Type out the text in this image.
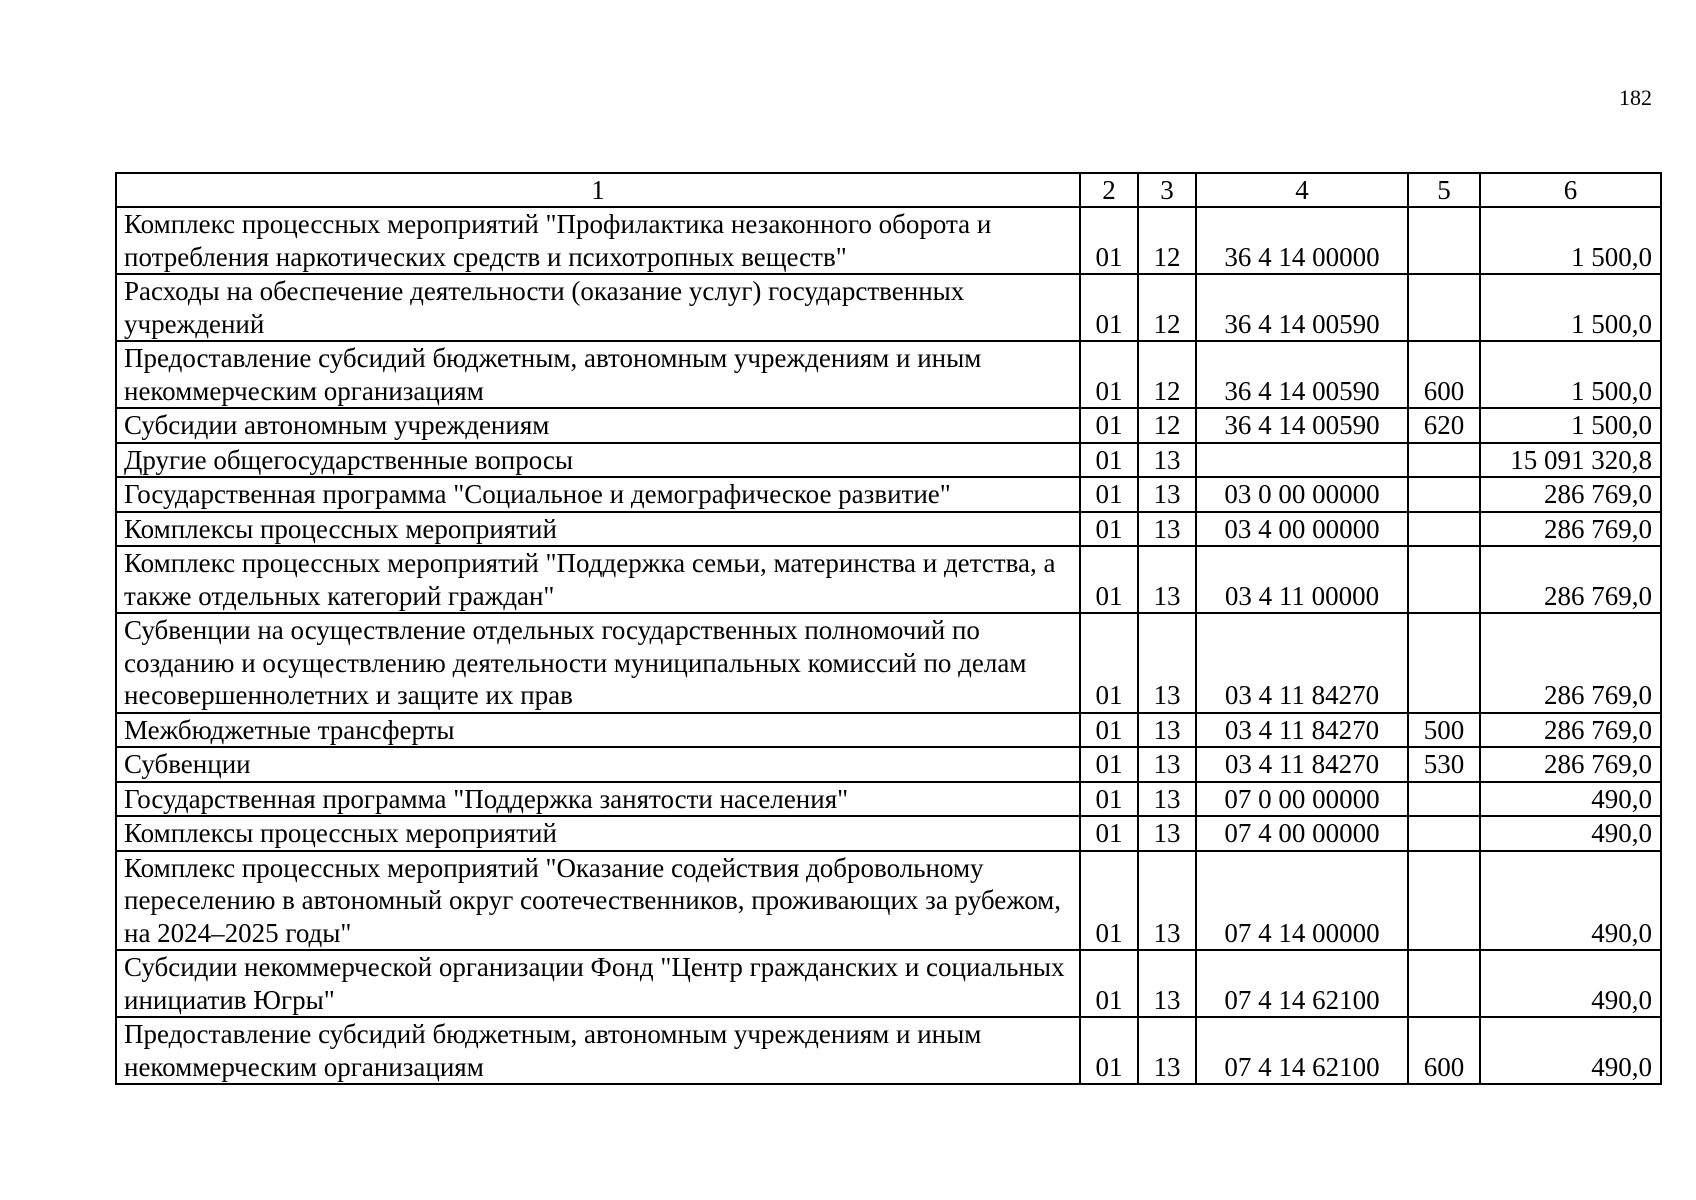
182
1	2	3	4	5	6
Комплекс процессных мероприятий "Профилактика незаконного оборота и потребления наркотических средств и психотропных веществ"	01	12	36 4 14 00000		1 500,0
Расходы на обеспечение деятельности (оказание услуг) государственных учреждений	01	12	36 4 14 00590		1 500,0
Предоставление субсидий бюджетным, автономным учреждениям и иным некоммерческим организациям	01	12	36 4 14 00590	600	1 500,0
Субсидии автономным учреждениям	01	12	36 4 14 00590	620	1 500,0
Другие общегосударственные вопросы	01	13			15 091 320,8
Государственная программа "Социальное и демографическое развитие"	01	13	03 0 00 00000		286 769,0
Комплексы процессных мероприятий	01	13	03 4 00 00000		286 769,0
Комплекс процессных мероприятий "Поддержка семьи, материнства и детства, а также отдельных категорий граждан"	01	13	03 4 11 00000		286 769,0
Субвенции на осуществление отдельных государственных полномочий по созданию и осуществлению деятельности муниципальных комиссий по делам несовершеннолетних и защите их прав	01	13	03 4 11 84270		286 769,0
Межбюджетные трансферты	01	13	03 4 11 84270	500	286 769,0
Субвенции	01	13	03 4 11 84270	530	286 769,0
Государственная программа "Поддержка занятости населения"	01	13	07 0 00 00000		490,0
Комплексы процессных мероприятий	01	13	07 4 00 00000		490,0
Комплекс процессных мероприятий "Оказание содействия добровольному переселению в автономный округ соотечественников, проживающих за рубежом, на 2024–2025 годы"	01	13	07 4 14 00000		490,0
Субсидии некоммерческой организации Фонд "Центр гражданских и социальных инициатив Югры"	01	13	07 4 14 62100		490,0
Предоставление субсидий бюджетным, автономным учреждениям и иным некоммерческим организациям	01	13	07 4 14 62100	600	490,0
